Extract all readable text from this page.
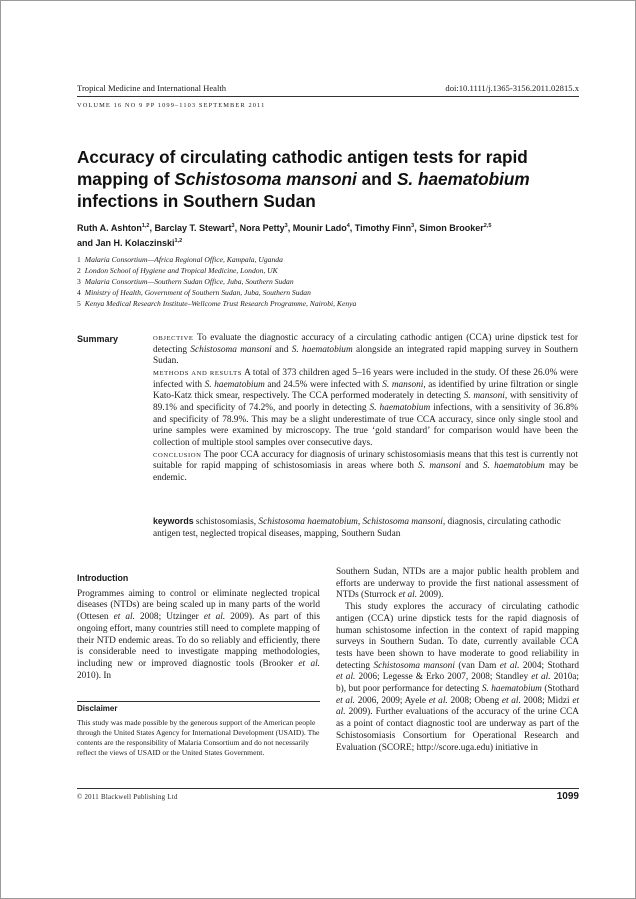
Tropical Medicine and International Health	doi:10.1111/j.1365-3156.2011.02815.x
VOLUME 16 NO 9 PP 1099–1103 SEPTEMBER 2011
Accuracy of circulating cathodic antigen tests for rapid mapping of Schistosoma mansoni and S. haematobium infections in Southern Sudan
Ruth A. Ashton$^{1,2}$, Barclay T. Stewart$^3$, Nora Petty$^3$, Mounir Lado$^4$, Timothy Finn$^3$, Simon Brooker$^{2,5}$
and Jan H. Kolaczinski$^{1,2}$
1 Malaria Consortium—Africa Regional Office, Kampala, Uganda
2 London School of Hygiene and Tropical Medicine, London, UK
3 Malaria Consortium—Southern Sudan Office, Juba, Southern Sudan
4 Ministry of Health, Government of Southern Sudan, Juba, Southern Sudan
5 Kenya Medical Research Institute–Wellcome Trust Research Programme, Nairobi, Kenya
Summary	OBJECTIVE To evaluate the diagnostic accuracy of a circulating cathodic antigen (CCA) urine dipstick test for detecting Schistosoma mansoni and S. haematobium alongside an integrated rapid mapping survey in Southern Sudan.

METHODS AND RESULTS A total of 373 children aged 5–16 years were included in the study. Of these 26.0% were infected with S. haematobium and 24.5% were infected with S. mansoni, as identified by urine filtration or single Kato-Katz thick smear, respectively. The CCA performed moderately in detecting S. mansoni, with sensitivity of 89.1% and specificity of 74.2%, and poorly in detecting S. haematobium infections, with a sensitivity of 36.8% and specificity of 78.9%. This may be a slight underestimate of true CCA accuracy, since only single stool and urine samples were examined by microscopy. The true ‘gold standard’ for comparison would have been the collection of multiple stool samples over consecutive days.

CONCLUSION The poor CCA accuracy for diagnosis of urinary schistosomiasis means that this test is currently not suitable for rapid mapping of schistosomiasis in areas where both S. mansoni and S. haematobium may be endemic.

keywords schistosomiasis, Schistosoma haematobium, Schistosoma mansoni, diagnosis, circulating cathodic antigen test, neglected tropical diseases, mapping, Southern Sudan
Introduction

Programmes aiming to control or eliminate neglected tropical diseases (NTDs) are being scaled up in many parts of the world (Ottesen et al. 2008; Utzinger et al. 2009). As part of this ongoing effort, many countries still need to complete mapping of their NTD endemic areas. To do so reliably and efficiently, there is considerable need to investigate mapping methodologies, including new or improved diagnostic tools (Brooker et al. 2010). In

Disclaimer
This study was made possible by the generous support of the American people through the United States Agency for International Development (USAID). The contents are the responsibility of Malaria Consortium and do not necessarily reflect the views of USAID or the United States Government.

Southern Sudan, NTDs are a major public health problem and efforts are underway to provide the first national assessment of NTDs (Sturrock et al. 2009).

This study explores the accuracy of circulating cathodic antigen (CCA) urine dipstick tests for the rapid diagnosis of human schistosome infection in the context of rapid mapping surveys in Southern Sudan. To date, currently available CCA tests have been shown to have moderate to good reliability in detecting Schistosoma mansoni (van Dam et al. 2004; Stothard et al. 2006; Legesse & Erko 2007, 2008; Standley et al. 2010a; b), but poor performance for detecting S. haematobium (Stothard et al. 2006, 2009; Ayele et al. 2008; Obeng et al. 2008; Midzi et al. 2009). Further evaluations of the accuracy of the urine CCA as a point of contact diagnostic tool are underway as part of the Schistosomiasis Consortium for Operational Research and Evaluation (SCORE; http://score.uga.edu) initiative in

© 2011 Blackwell Publishing Ltd	1099
